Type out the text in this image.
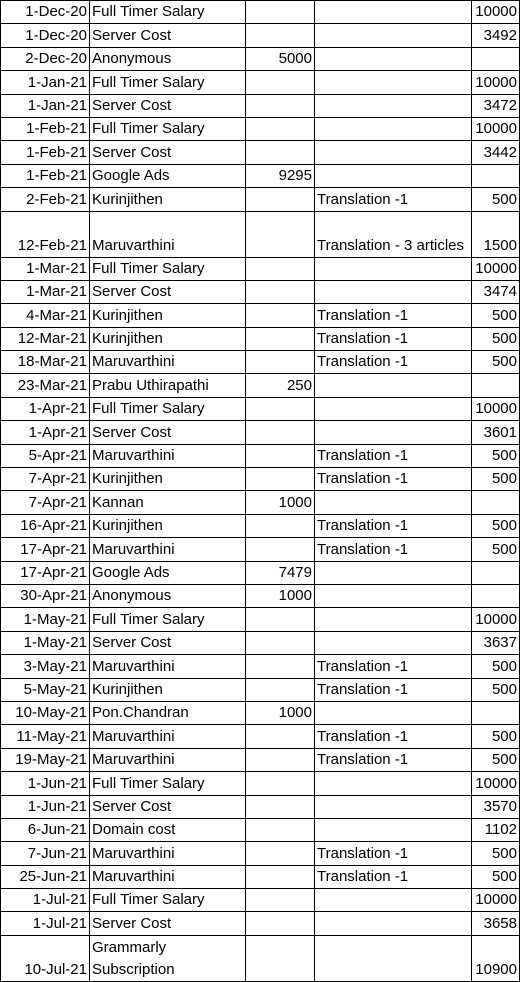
1-Dec-20	Full Timer Salary			10000
1-Dec-20	Server Cost			3492
2-Dec-20	Anonymous	5000		
1-Jan-21	Full Timer Salary			10000
1-Jan-21	Server Cost			3472
1-Feb-21	Full Timer Salary			10000
1-Feb-21	Server Cost			3442
1-Feb-21	Google Ads	9295		
2-Feb-21	Kurinjithen		Translation -1	500
12-Feb-21	Maruvarthini		Translation - 3 articles	1500
1-Mar-21	Full Timer Salary			10000
1-Mar-21	Server Cost			3474
4-Mar-21	Kurinjithen		Translation -1	500
12-Mar-21	Kurinjithen		Translation -1	500
18-Mar-21	Maruvarthini		Translation -1	500
23-Mar-21	Prabu Uthirapathi	250		
1-Apr-21	Full Timer Salary			10000
1-Apr-21	Server Cost			3601
5-Apr-21	Maruvarthini		Translation -1	500
7-Apr-21	Kurinjithen		Translation -1	500
7-Apr-21	Kannan	1000		
16-Apr-21	Kurinjithen		Translation -1	500
17-Apr-21	Maruvarthini		Translation -1	500
17-Apr-21	Google Ads	7479		
30-Apr-21	Anonymous	1000		
1-May-21	Full Timer Salary			10000
1-May-21	Server Cost			3637
3-May-21	Maruvarthini		Translation -1	500
5-May-21	Kurinjithen		Translation -1	500
10-May-21	Pon.Chandran	1000		
11-May-21	Maruvarthini		Translation -1	500
19-May-21	Maruvarthini		Translation -1	500
1-Jun-21	Full Timer Salary			10000
1-Jun-21	Server Cost			3570
6-Jun-21	Domain cost			1102
7-Jun-21	Maruvarthini		Translation -1	500
25-Jun-21	Maruvarthini		Translation -1	500
1-Jul-21	Full Timer Salary			10000
1-Jul-21	Server Cost			3658
10-Jul-21	Grammarly Subscription			10900
